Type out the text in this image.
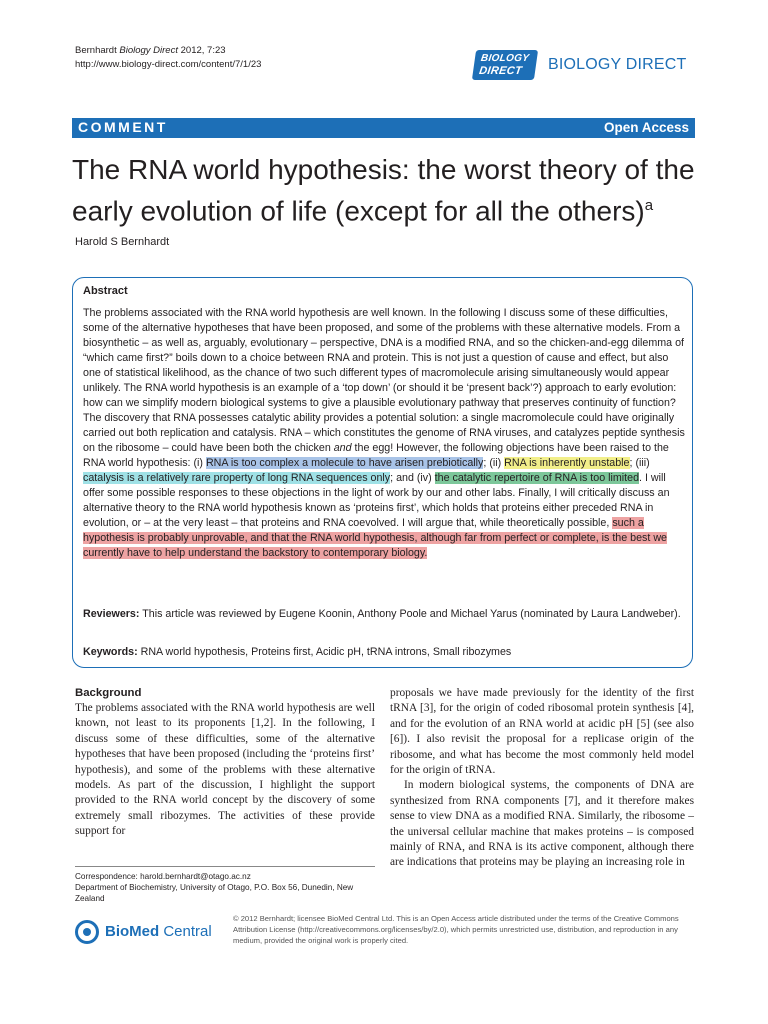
Bernhardt Biology Direct 2012, 7:23
http://www.biology-direct.com/content/7/1/23
BIOLOGY
DIRECT BIOLOGY DIRECT
COMMENT	Open Access
The RNA world hypothesis: the worst theory of the early evolution of life (except for all the others)$^a$
Harold S Bernhardt
Abstract
The problems associated with the RNA world hypothesis are well known. In the following I discuss some of these difficulties, some of the alternative hypotheses that have been proposed, and some of the problems with these alternative models. From a biosynthetic – as well as, arguably, evolutionary – perspective, DNA is a modified RNA, and so the chicken-and-egg dilemma of “which came first?” boils down to a choice between RNA and protein. This is not just a question of cause and effect, but also one of statistical likelihood, as the chance of two such different types of macromolecule arising simultaneously would appear unlikely. The RNA world hypothesis is an example of a ‘top down’ (or should it be ‘present back’?) approach to early evolution: how can we simplify modern biological systems to give a plausible evolutionary pathway that preserves continuity of function? The discovery that RNA possesses catalytic ability provides a potential solution: a single macromolecule could have originally carried out both replication and catalysis. RNA – which constitutes the genome of RNA viruses, and catalyzes peptide synthesis on the ribosome – could have been both the chicken and the egg! However, the following objections have been raised to the RNA world hypothesis: (i) RNA is too complex a molecule to have arisen prebiotically; (ii) RNA is inherently unstable; (iii) catalysis is a relatively rare property of long RNA sequences only; and (iv) the catalytic repertoire of RNA is too limited. I will offer some possible responses to these objections in the light of work by our and other labs. Finally, I will critically discuss an alternative theory to the RNA world hypothesis known as ‘proteins first’, which holds that proteins either preceded RNA in evolution, or – at the very least – that proteins and RNA coevolved. I will argue that, while theoretically possible, such a hypothesis is probably unprovable, and that the RNA world hypothesis, although far from perfect or complete, is the best we currently have to help understand the backstory to contemporary biology.
Reviewers: This article was reviewed by Eugene Koonin, Anthony Poole and Michael Yarus (nominated by Laura Landweber).
Keywords: RNA world hypothesis, Proteins first, Acidic pH, tRNA introns, Small ribozymes
Background

The problems associated with the RNA world hypothesis are well known, not least to its proponents [1,2]. In the following, I discuss some of these difficulties, some of the alternative hypotheses that have been proposed (including the ‘proteins first’ hypothesis), and some of the problems with these alternative models. As part of the discussion, I highlight the support provided to the RNA world concept by the discovery of some extremely small ribozymes. The activities of these provide support for

proposals we have made previously for the identity of the first tRNA [3], for the origin of coded ribosomal protein synthesis [4], and for the evolution of an RNA world at acidic pH [5] (see also [6]). I also revisit the proposal for a replicase origin of the ribosome, and what has become the most commonly held model for the origin of tRNA.

In modern biological systems, the components of DNA are synthesized from RNA components [7], and it therefore makes sense to view DNA as a modified RNA. Similarly, the ribosome – the universal cellular machine that makes proteins – is composed mainly of RNA, and RNA is its active component, although there are indications that proteins may be playing an increasing role in

Correspondence: harold.bernhardt@otago.ac.nz
Department of Biochemistry, University of Otago, P.O. Box 56, Dunedin, New Zealand
BioMed Central
© 2012 Bernhardt; licensee BioMed Central Ltd. This is an Open Access article distributed under the terms of the Creative Commons Attribution License (http://creativecommons.org/licenses/by/2.0), which permits unrestricted use, distribution, and reproduction in any medium, provided the original work is properly cited.
